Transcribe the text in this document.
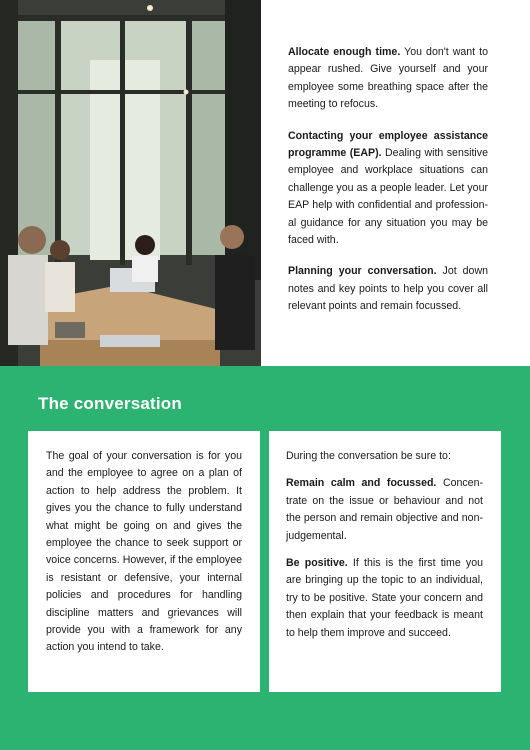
Allocate enough time. You don't want to appear rushed. Give yourself and your employee some breathing space after the meeting to refocus.

Contacting your employee assistance programme (EAP). Dealing with sensitive employee and workplace situations can challenge you as a people leader. Let your EAP help with confidential and profession-al guidance for any situation you may be faced with.

Planning your conversation. Jot down notes and key points to help you cover all relevant points and remain focussed.

The conversation

The goal of your conversation is for you and the employee to agree on a plan of action to help address the problem. It gives you the chance to fully understand what might be going on and gives the employee the chance to seek support or voice concerns. However, if the employee is resistant or defensive, your internal policies and procedures for handling discipline matters and grievances will provide you with a framework for any action you intend to take.

During the conversation be sure to:

Remain calm and focussed. Concen-trate on the issue or behaviour and not the person and remain objective and non-judgemental.

Be positive. If this is the first time you are bringing up the topic to an individual, try to be positive. State your concern and then explain that your feedback is meant to help them improve and succeed.
